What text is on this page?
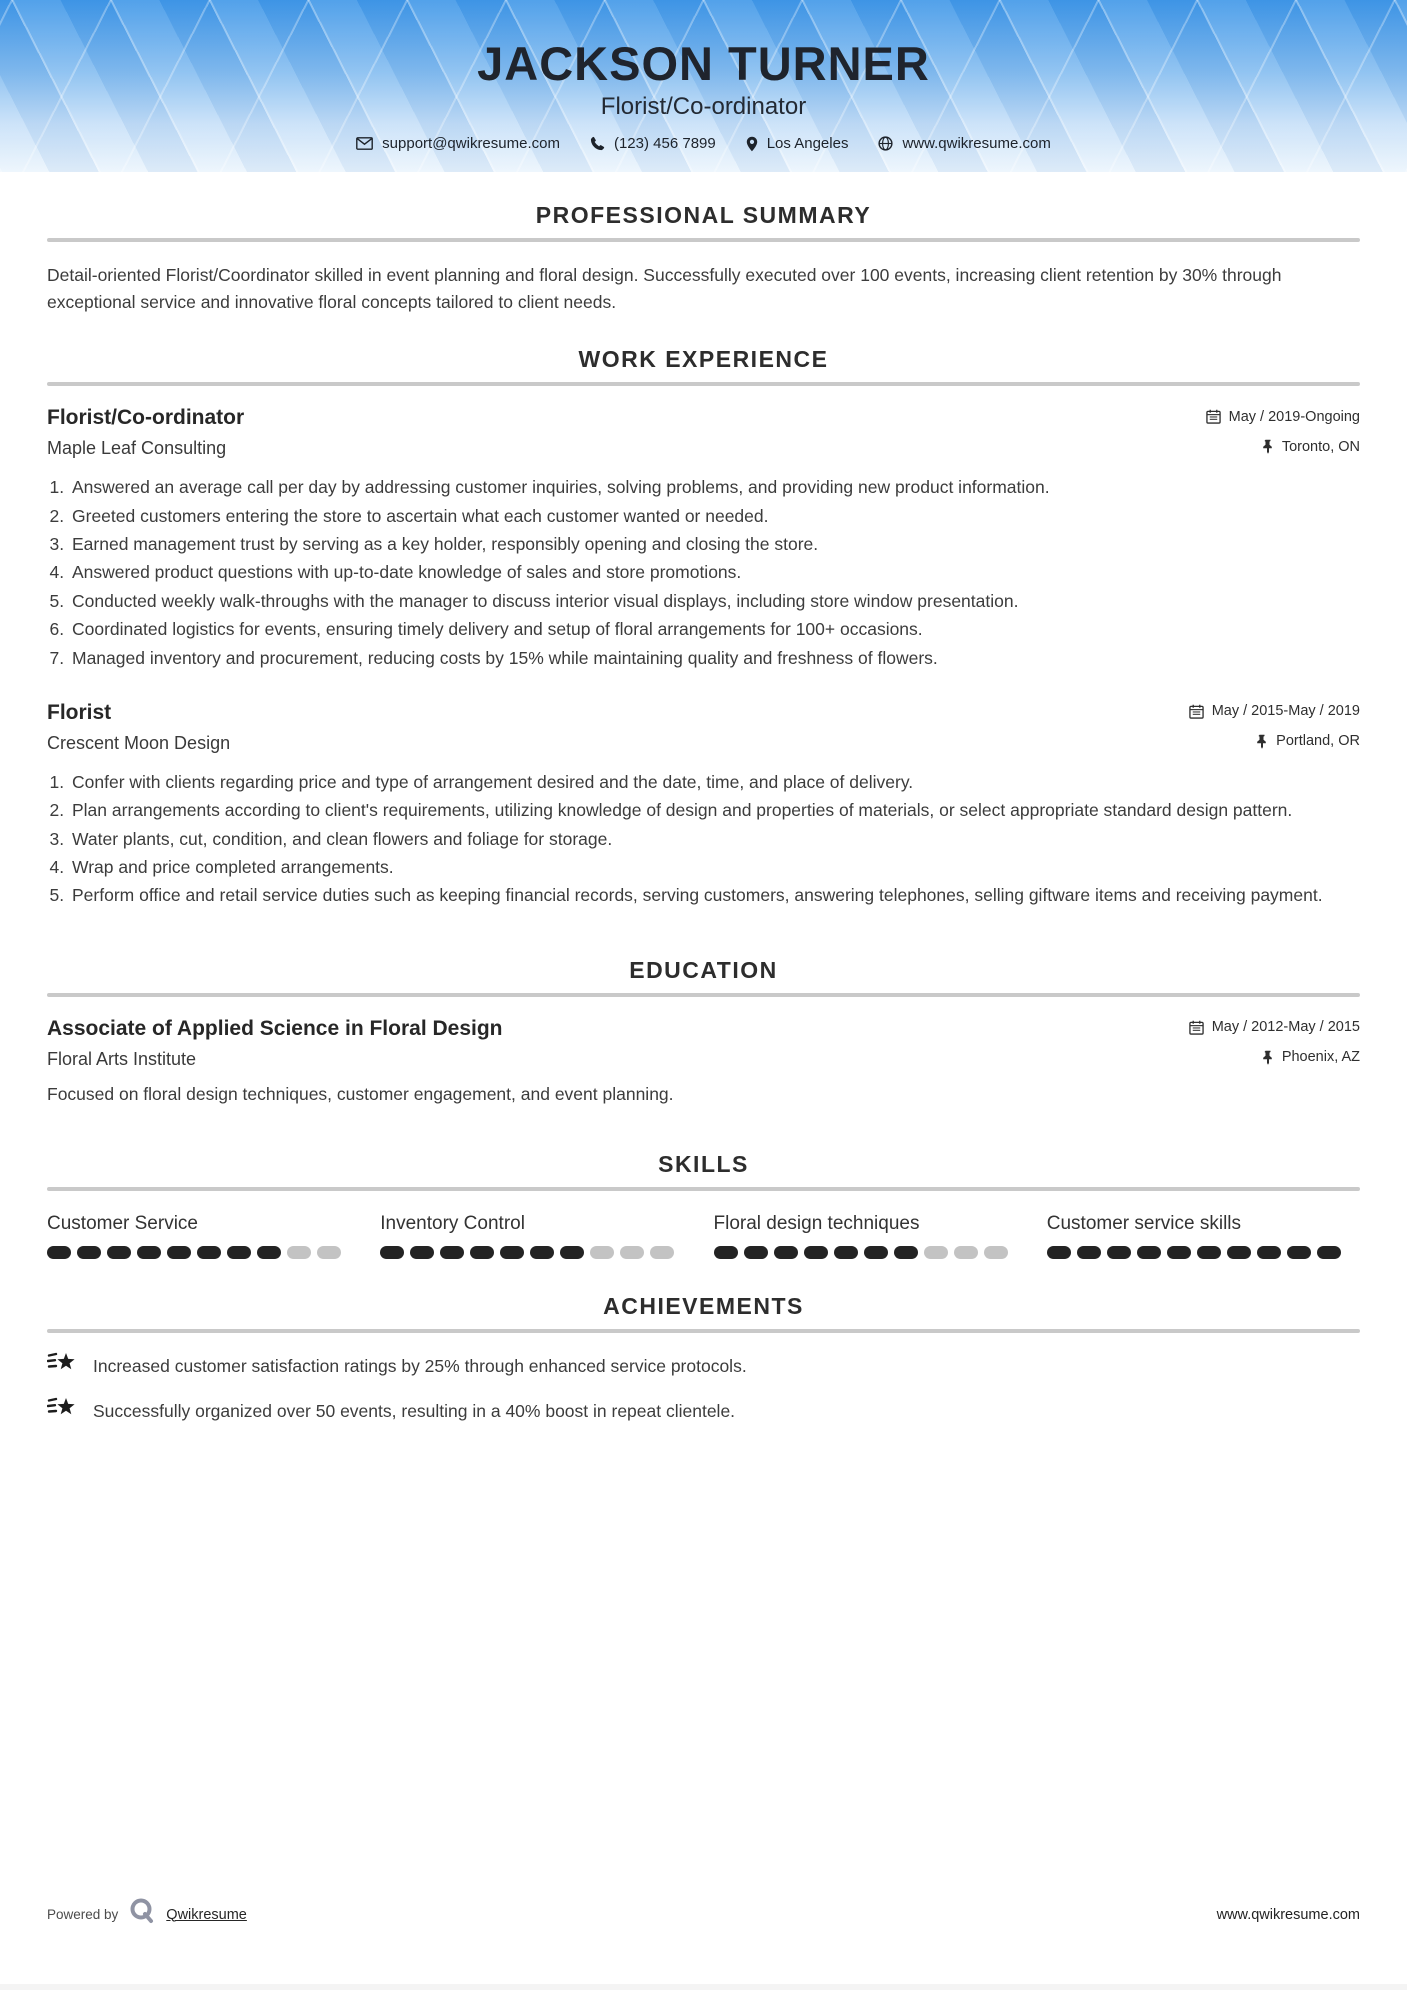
JACKSON TURNER
Florist/Co-ordinator
support@qwikresume.com	(123) 456 7899	Los Angeles	www.qwikresume.com
PROFESSIONAL SUMMARY

Detail-oriented Florist/Coordinator skilled in event planning and floral design. Successfully executed over 100 events, increasing client retention by 30% through exceptional service and innovative floral concepts tailored to client needs.

WORK EXPERIENCE
Florist/Co-ordinator	May / 2019-Ongoing
Maple Leaf Consulting	Toronto, ON
1. Answered an average call per day by addressing customer inquiries, solving problems, and providing new product information.
2. Greeted customers entering the store to ascertain what each customer wanted or needed.
3. Earned management trust by serving as a key holder, responsibly opening and closing the store.
4. Answered product questions with up-to-date knowledge of sales and store promotions.
5. Conducted weekly walk-throughs with the manager to discuss interior visual displays, including store window presentation.
6. Coordinated logistics for events, ensuring timely delivery and setup of floral arrangements for 100+ occasions.
7. Managed inventory and procurement, reducing costs by 15% while maintaining quality and freshness of flowers.
Florist	May / 2015-May / 2019
Crescent Moon Design	Portland, OR
1. Confer with clients regarding price and type of arrangement desired and the date, time, and place of delivery.
2. Plan arrangements according to client's requirements, utilizing knowledge of design and properties of materials, or select appropriate standard design pattern.
3. Water plants, cut, condition, and clean flowers and foliage for storage.
4. Wrap and price completed arrangements.
5. Perform office and retail service duties such as keeping financial records, serving customers, answering telephones, selling giftware items and receiving payment.
EDUCATION
Associate of Applied Science in Floral Design	May / 2012-May / 2015
Floral Arts Institute	Phoenix, AZ

Focused on floral design techniques, customer engagement, and event planning.

SKILLS
Customer Service	Inventory Control	Floral design techniques	Customer service skills
ACHIEVEMENTS

Increased customer satisfaction ratings by 25% through enhanced service protocols.

Successfully organized over 50 events, resulting in a 40% boost in repeat clientele.

Powered by	Qwikresume	www.qwikresume.com
